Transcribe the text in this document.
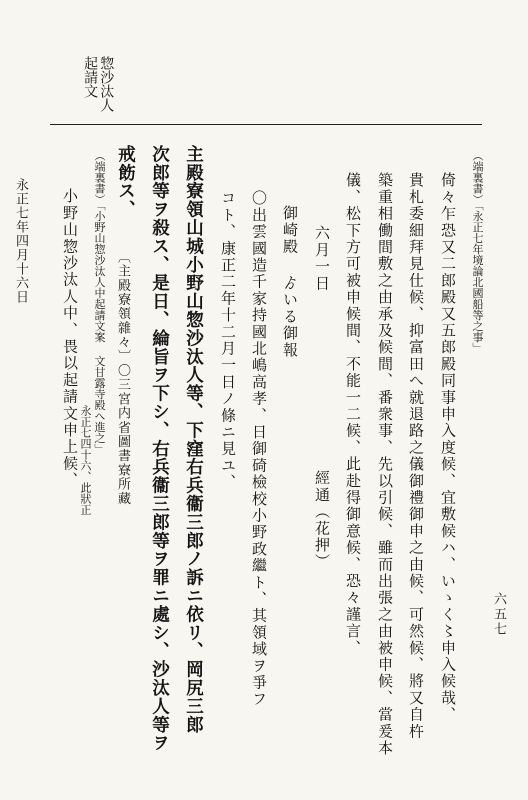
惣沙汰人
起請文
（端裏書）「永正七年境論北國船等之事」
倚々乍恐又二郎殿又五郎殿同事申入度候、宜敷候ハ、いゝく〻申入候哉、
貴札委細拜見仕候、抑富田へ就退路之儀御禮御申之由候、可然候、將又自杵
築重相働間敷之由承及候間、番衆事、先以引候、雖而出張之由被申候、當爰本
儀、松下方可被申候間、不能一二候、此赴得御意候、恐々謹言、
六月一日
經通（花押）
御崎殿 ゟいる御報
〇出雲國造千家持國北嶋高孝、日御碕檢校小野政繼ト、其領域ヲ爭フ
コト、康正二年十二月一日ノ條ニ見ユ、
主殿寮領山城小野山惣沙汰人等、下窪右兵衞三郎ノ訴ニ依リ、岡尻三郎
次郎等ヲ殺ス、是日、綸旨ヲ下シ、右兵衞三郎等ヲ罪ニ處シ、沙汰人等ヲ
戒飭ス、
〔主殿寮領雜々〕〇三宮内省圖書寮所藏
（端裏書）「小野山惣沙汰人中起請文案 文甘露寺殿へ進之」
永正七四十六、此狀正
小野山惣沙汰人中、畏以起請文申上候、
永正七年四月十六日
六五七
